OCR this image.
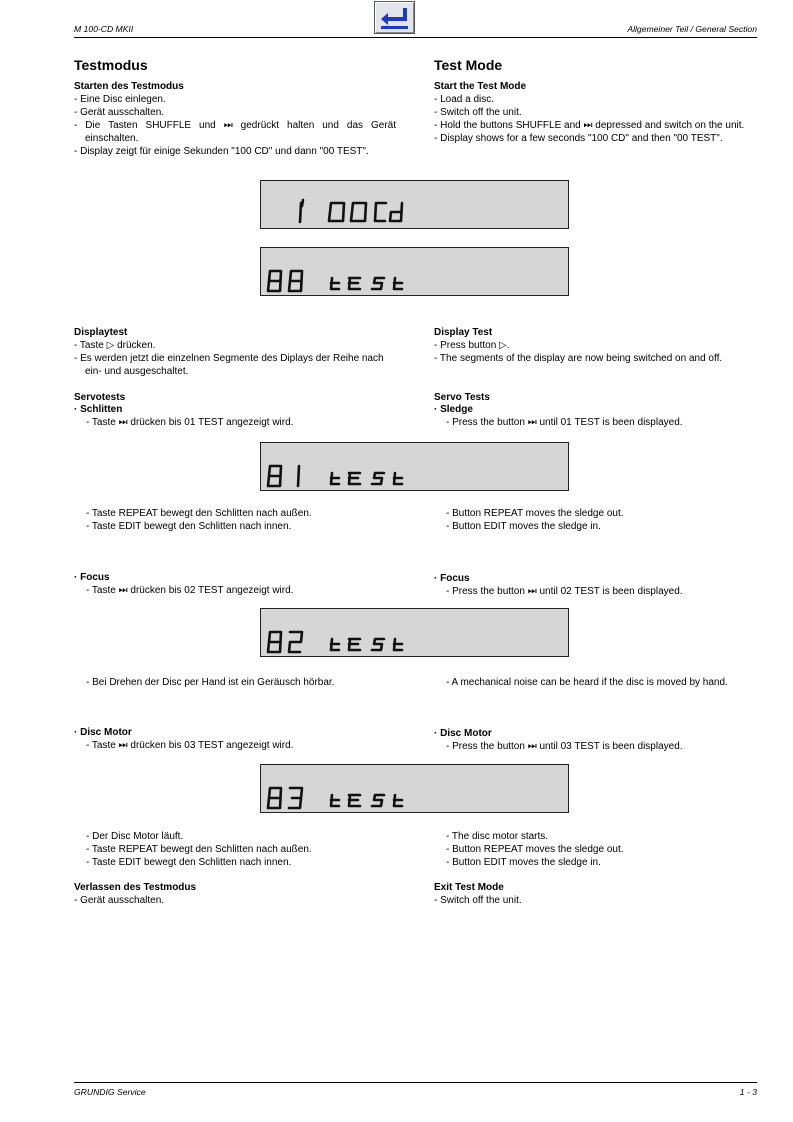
M 100-CD MKII	Allgemeiner Teil / General Section
Testmodus
Starten des Testmodus
- Eine Disc einlegen.
- Gerät ausschalten.
- Die Tasten SHUFFLE und ⏭ gedrückt halten und das Gerät einschalten.
- Display zeigt für einige Sekunden "100 CD" und dann "00 TEST".
Test Mode
Start the Test Mode
- Load a disc.
- Switch off the unit.
- Hold the buttons SHUFFLE and ⏭ depressed and switch on the unit.
- Display shows for a few seconds "100 CD" and then "00 TEST".
Displaytest
- Taste ▷ drücken.
- Es werden jetzt die einzelnen Segmente des Diplays der Reihe nach ein- und ausgeschaltet.
Display Test
- Press button ▷.
- The segments of the display are now being switched on and off.
Servotests
· Schlitten
- Taste ⏭ drücken bis 01 TEST angezeigt wird.
Servo Tests
· Sledge
- Press the button ⏭ until 01 TEST is been displayed.
- Taste REPEAT bewegt den Schlitten nach außen.
- Taste EDIT bewegt den Schlitten nach innen.
- Button REPEAT moves the sledge out.
- Button EDIT moves the sledge in.
· Focus
- Taste ⏭ drücken bis 02 TEST angezeigt wird.
· Focus
- Press the button ⏭ until 02 TEST is been displayed.
- Bei Drehen der Disc per Hand ist ein Geräusch hörbar.	- A mechanical noise can be heard if the disc is moved by hand.
· Disc Motor
- Taste ⏭ drücken bis 03 TEST angezeigt wird.
· Disc Motor
- Press the button ⏭ until 03 TEST is been displayed.
- Der Disc Motor läuft.
- Taste REPEAT bewegt den Schlitten nach außen.
- Taste EDIT bewegt den Schlitten nach innen.
- The disc motor starts.
- Button REPEAT moves the sledge out.
- Button EDIT moves the sledge in.
Verlassen des Testmodus
- Gerät ausschalten.
Exit Test Mode
- Switch off the unit.
GRUNDIG Service	1 - 3
